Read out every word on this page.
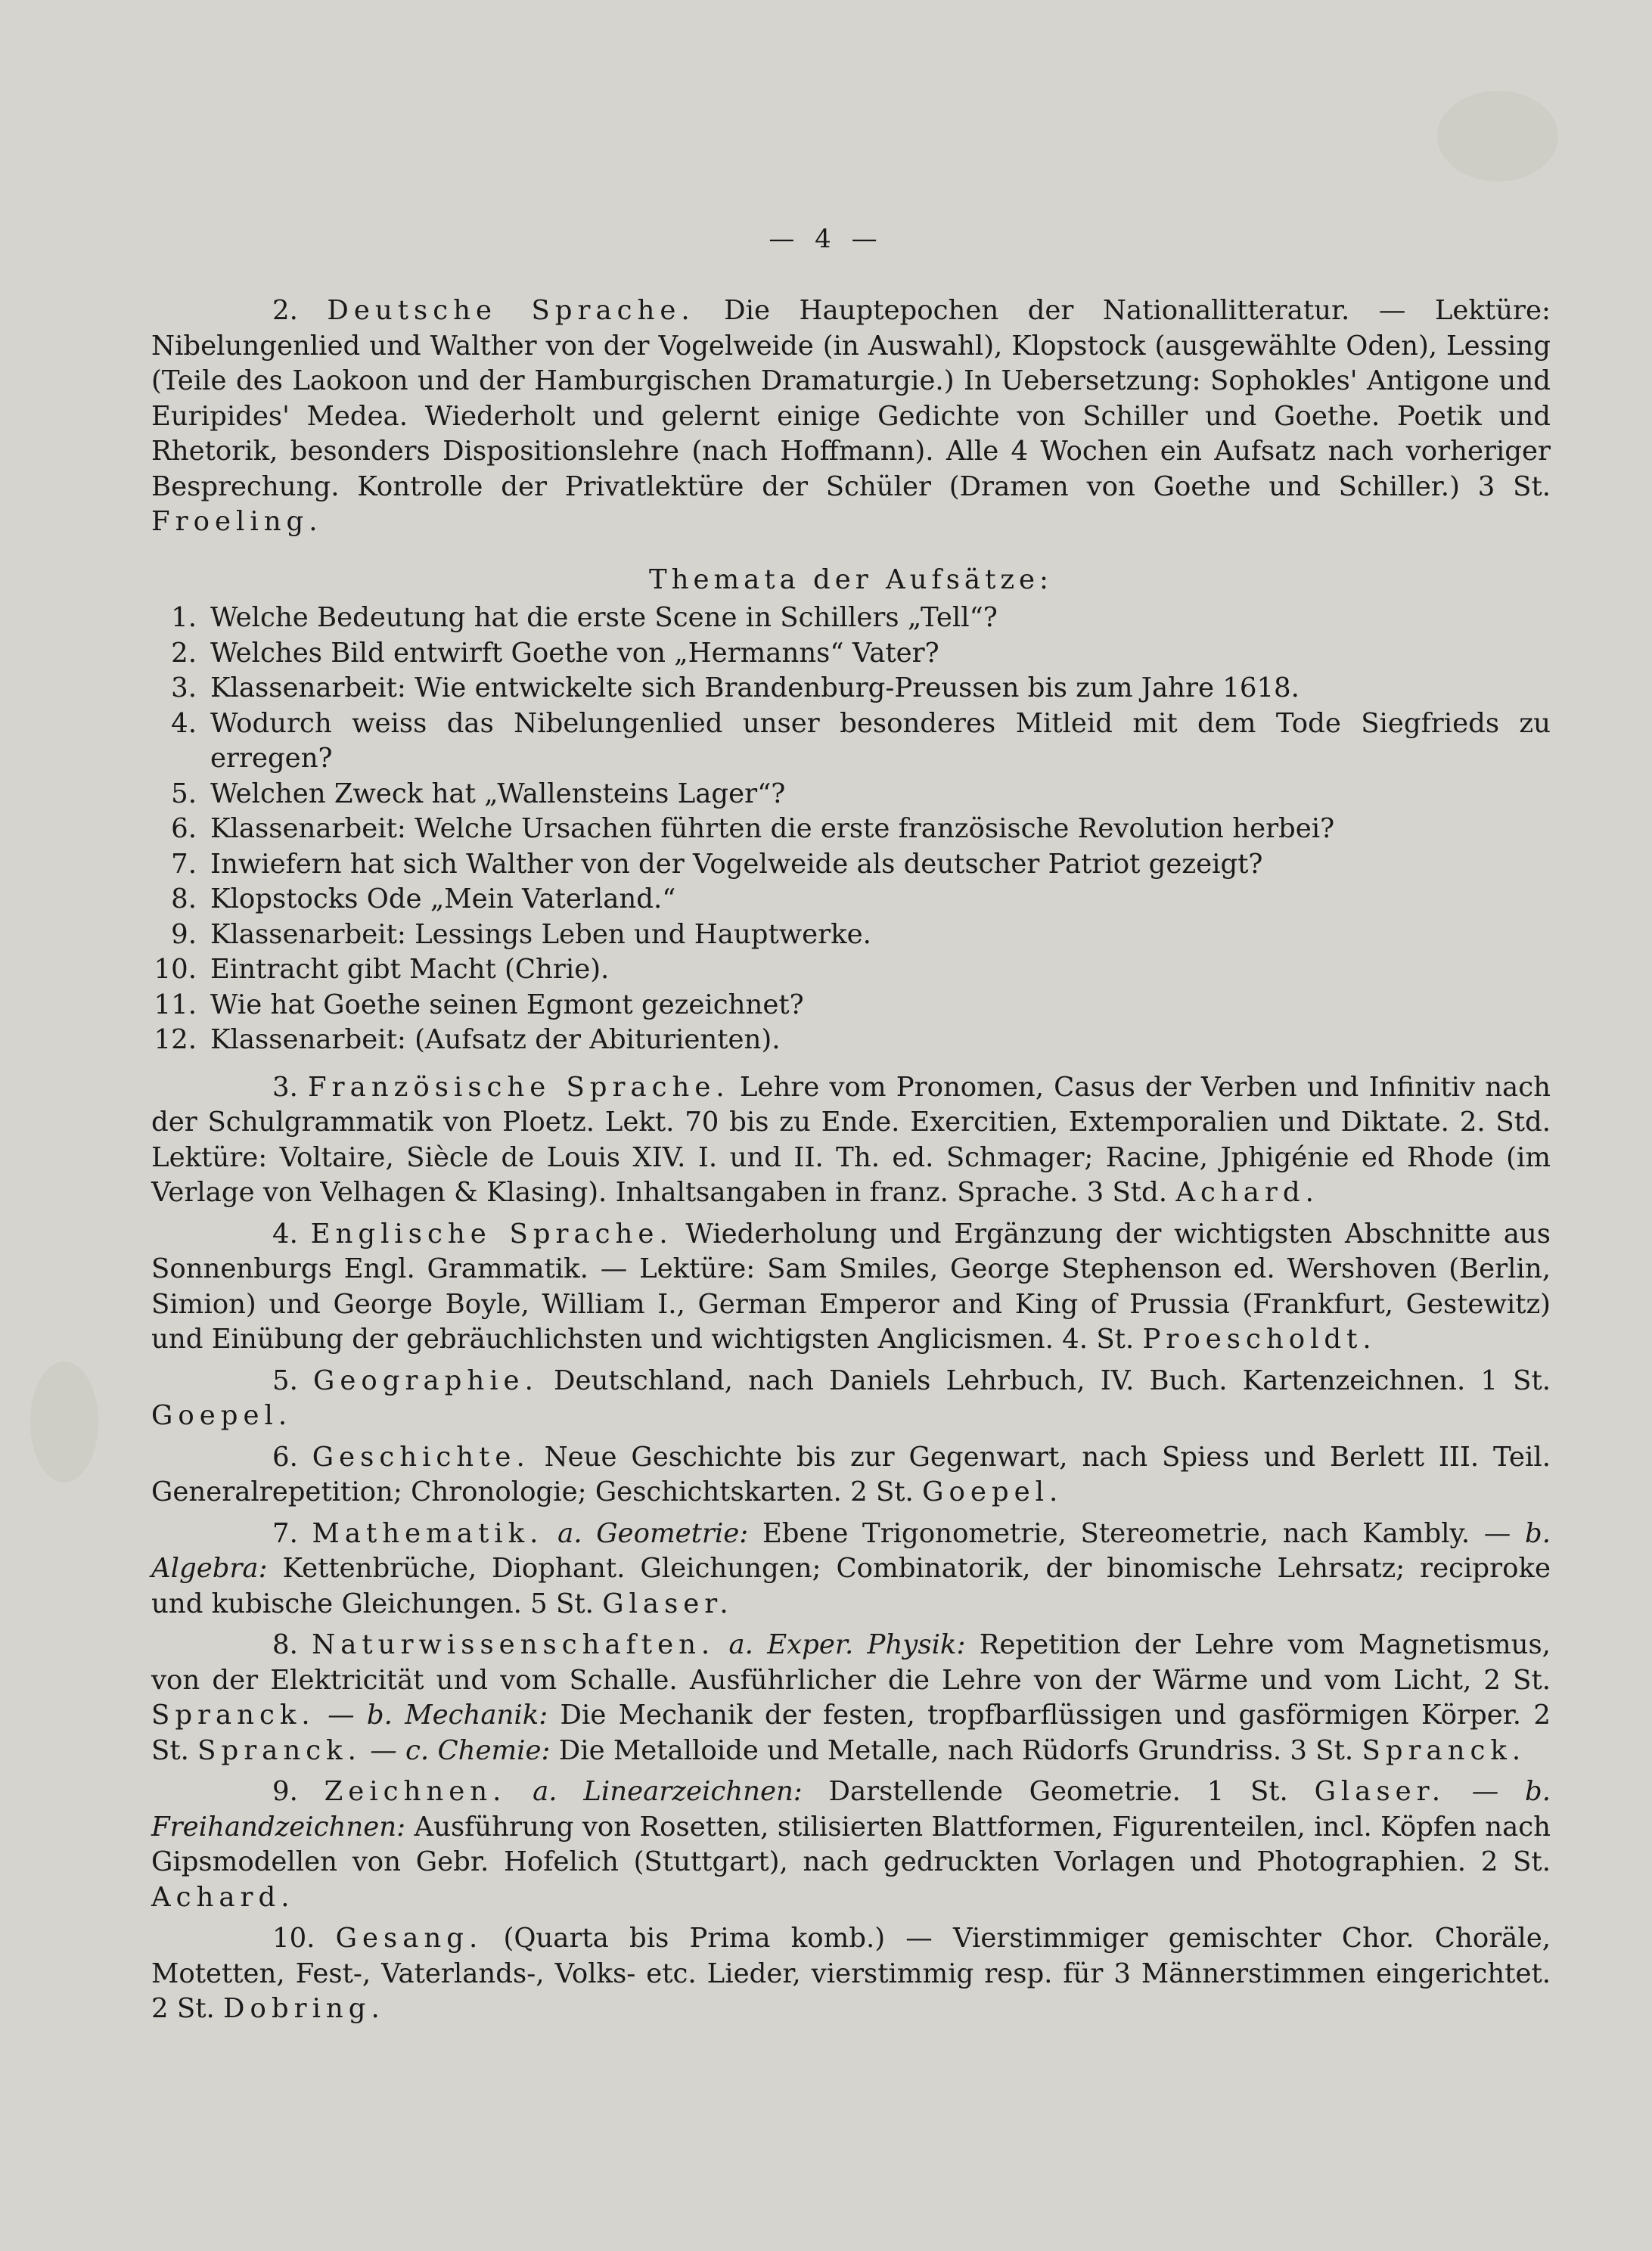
— 4 —

2. Deutsche Sprache. Die Hauptepochen der Nationallitteratur. — Lektüre: Nibelungenlied und Walther von der Vogelweide (in Auswahl), Klopstock (ausgewählte Oden), Lessing (Teile des Laokoon und der Hamburgischen Dramaturgie.) In Uebersetzung: Sophokles' Antigone und Euripides' Medea. Wiederholt und gelernt einige Gedichte von Schiller und Goethe. Poetik und Rhetorik, besonders Dispositionslehre (nach Hoffmann). Alle 4 Wochen ein Aufsatz nach vorheriger Besprechung. Kontrolle der Privatlektüre der Schüler (Dramen von Goethe und Schiller.) 3 St. Froeling.

Themata der Aufsätze:
1. Welche Bedeutung hat die erste Scene in Schillers „Tell“?
2. Welches Bild entwirft Goethe von „Hermanns“ Vater?
3. Klassenarbeit: Wie entwickelte sich Brandenburg-Preussen bis zum Jahre 1618.
4. Wodurch weiss das Nibelungenlied unser besonderes Mitleid mit dem Tode Siegfrieds zu erregen?
5. Welchen Zweck hat „Wallensteins Lager“?
6. Klassenarbeit: Welche Ursachen führten die erste französische Revolution herbei?
7. Inwiefern hat sich Walther von der Vogelweide als deutscher Patriot gezeigt?
8. Klopstocks Ode „Mein Vaterland.“
9. Klassenarbeit: Lessings Leben und Hauptwerke.
10. Eintracht gibt Macht (Chrie).
11. Wie hat Goethe seinen Egmont gezeichnet?
12. Klassenarbeit: (Aufsatz der Abiturienten).

3. Französische Sprache. Lehre vom Pronomen, Casus der Verben und Infinitiv nach der Schulgrammatik von Ploetz. Lekt. 70 bis zu Ende. Exercitien, Extemporalien und Diktate. 2. Std. Lektüre: Voltaire, Siècle de Louis XIV. I. und II. Th. ed. Schmager; Racine, Jphigénie ed Rhode (im Verlage von Velhagen & Klasing). Inhaltsangaben in franz. Sprache. 3 Std. Achard.

4. Englische Sprache. Wiederholung und Ergänzung der wichtigsten Abschnitte aus Sonnenburgs Engl. Grammatik. — Lektüre: Sam Smiles, George Stephenson ed. Wershoven (Berlin, Simion) und George Boyle, William I., German Emperor and King of Prussia (Frankfurt, Gestewitz) und Einübung der gebräuchlichsten und wichtigsten Anglicismen. 4. St. Proescholdt.

5. Geographie. Deutschland, nach Daniels Lehrbuch, IV. Buch. Kartenzeichnen. 1 St. Goepel.

6. Geschichte. Neue Geschichte bis zur Gegenwart, nach Spiess und Berlett III. Teil. Generalrepetition; Chronologie; Geschichtskarten. 2 St. Goepel.

7. Mathematik. a. Geometrie: Ebene Trigonometrie, Stereometrie, nach Kambly. — b. Algebra: Kettenbrüche, Diophant. Gleichungen; Combinatorik, der binomische Lehrsatz; reciproke und kubische Gleichungen. 5 St. Glaser.

8. Naturwissenschaften. a. Exper. Physik: Repetition der Lehre vom Magnetismus, von der Elektricität und vom Schalle. Ausführlicher die Lehre von der Wärme und vom Licht, 2 St. Spranck. — b. Mechanik: Die Mechanik der festen, tropfbarflüssigen und gasförmigen Körper. 2 St. Spranck. — c. Chemie: Die Metalloide und Metalle, nach Rüdorfs Grundriss. 3 St. Spranck.

9. Zeichnen. a. Linearzeichnen: Darstellende Geometrie. 1 St. Glaser. — b. Freihandzeichnen: Ausführung von Rosetten, stilisierten Blattformen, Figurenteilen, incl. Köpfen nach Gipsmodellen von Gebr. Hofelich (Stuttgart), nach gedruckten Vorlagen und Photographien. 2 St. Achard.

10. Gesang. (Quarta bis Prima komb.) — Vierstimmiger gemischter Chor. Choräle, Motetten, Fest-, Vaterlands-, Volks- etc. Lieder, vierstimmig resp. für 3 Männerstimmen eingerichtet. 2 St. Dobring.
